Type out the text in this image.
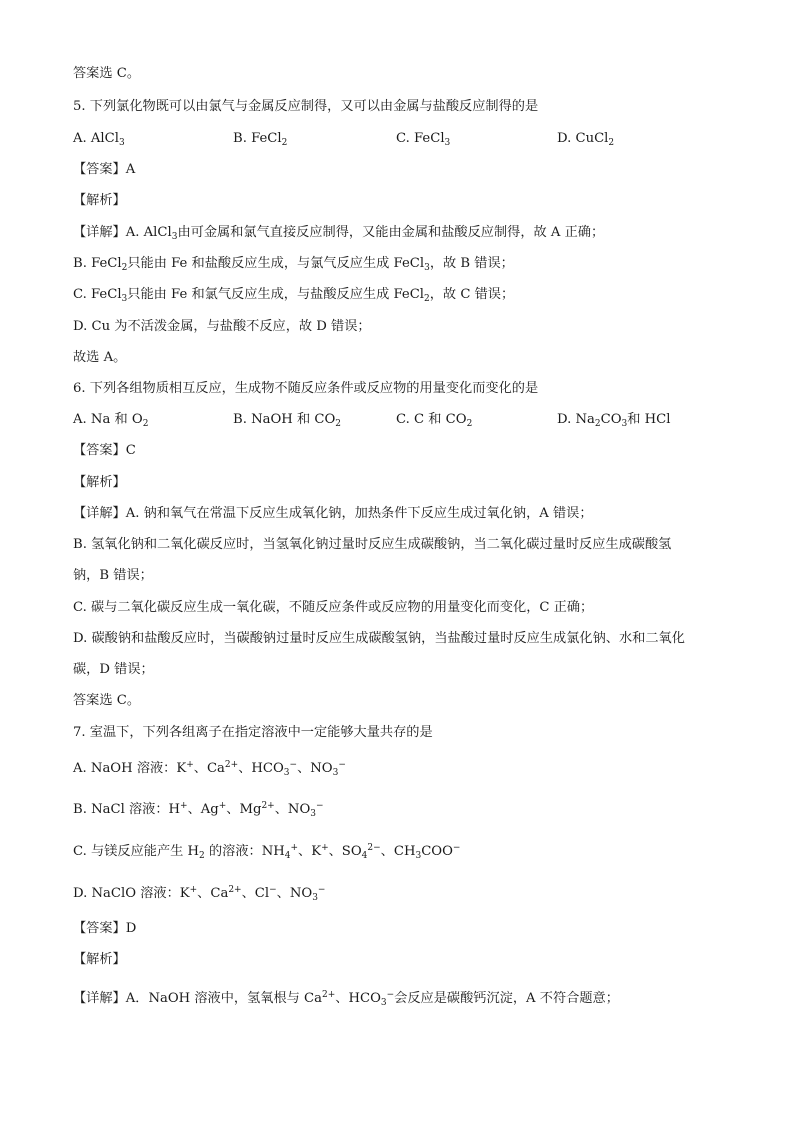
答案选 C。
5. 下列氯化物既可以由氯气与金属反应制得，又可以由金属与盐酸反应制得的是
A. AlCl$_3$	B. FeCl$_2$	C. FeCl$_3$	D. CuCl$_2$
【答案】A
【解析】
【详解】A. AlCl$_3$由可金属和氯气直接反应制得，又能由金属和盐酸反应制得，故 A 正确；
B. FeCl$_2$只能由 Fe 和盐酸反应生成，与氯气反应生成 FeCl$_3$，故 B 错误；
C. FeCl$_3$只能由 Fe 和氯气反应生成，与盐酸反应生成 FeCl$_2$，故 C 错误；
D. Cu 为不活泼金属，与盐酸不反应，故 D 错误；
故选 A。
6. 下列各组物质相互反应，生成物不随反应条件或反应物的用量变化而变化的是
A. Na 和 $O_2$	B. NaOH 和 $CO_2$	C. C 和 $CO_2$	D. $Na_2CO_3$和 HCl
【答案】C
【解析】
【详解】A. 钠和氧气在常温下反应生成氧化钠，加热条件下反应生成过氧化钠，A 错误；
B. 氢氧化钠和二氧化碳反应时，当氢氧化钠过量时反应生成碳酸钠，当二氧化碳过量时反应生成碳酸氢
钠，B 错误；
C. 碳与二氧化碳反应生成一氧化碳，不随反应条件或反应物的用量变化而变化，C 正确；
D. 碳酸钠和盐酸反应时，当碳酸钠过量时反应生成碳酸氢钠，当盐酸过量时反应生成氯化钠、水和二氧化
碳，D 错误；
答案选 C。
7. 室温下，下列各组离子在指定溶液中一定能够大量共存的是
A. NaOH 溶液：K+、$Ca^{2+}$、$HCO_3^-$、$NO_3^-$
B. NaCl 溶液：H+、Ag+、$Mg^{2+}$、$NO_3^-$
C. 与镁反应能产生 $H_2$ 的溶液：$NH_4^+$、K+、$SO_4^{2-}$、$CH_3COO^-$
D. NaClO 溶液：K+、$Ca^{2+}$、Cl−、$NO_3^-$
【答案】D
【解析】
【详解】A．NaOH 溶液中，氢氧根与 $Ca^{2+}$、$HCO_3^-$会反应是碳酸钙沉淀，A 不符合题意；
